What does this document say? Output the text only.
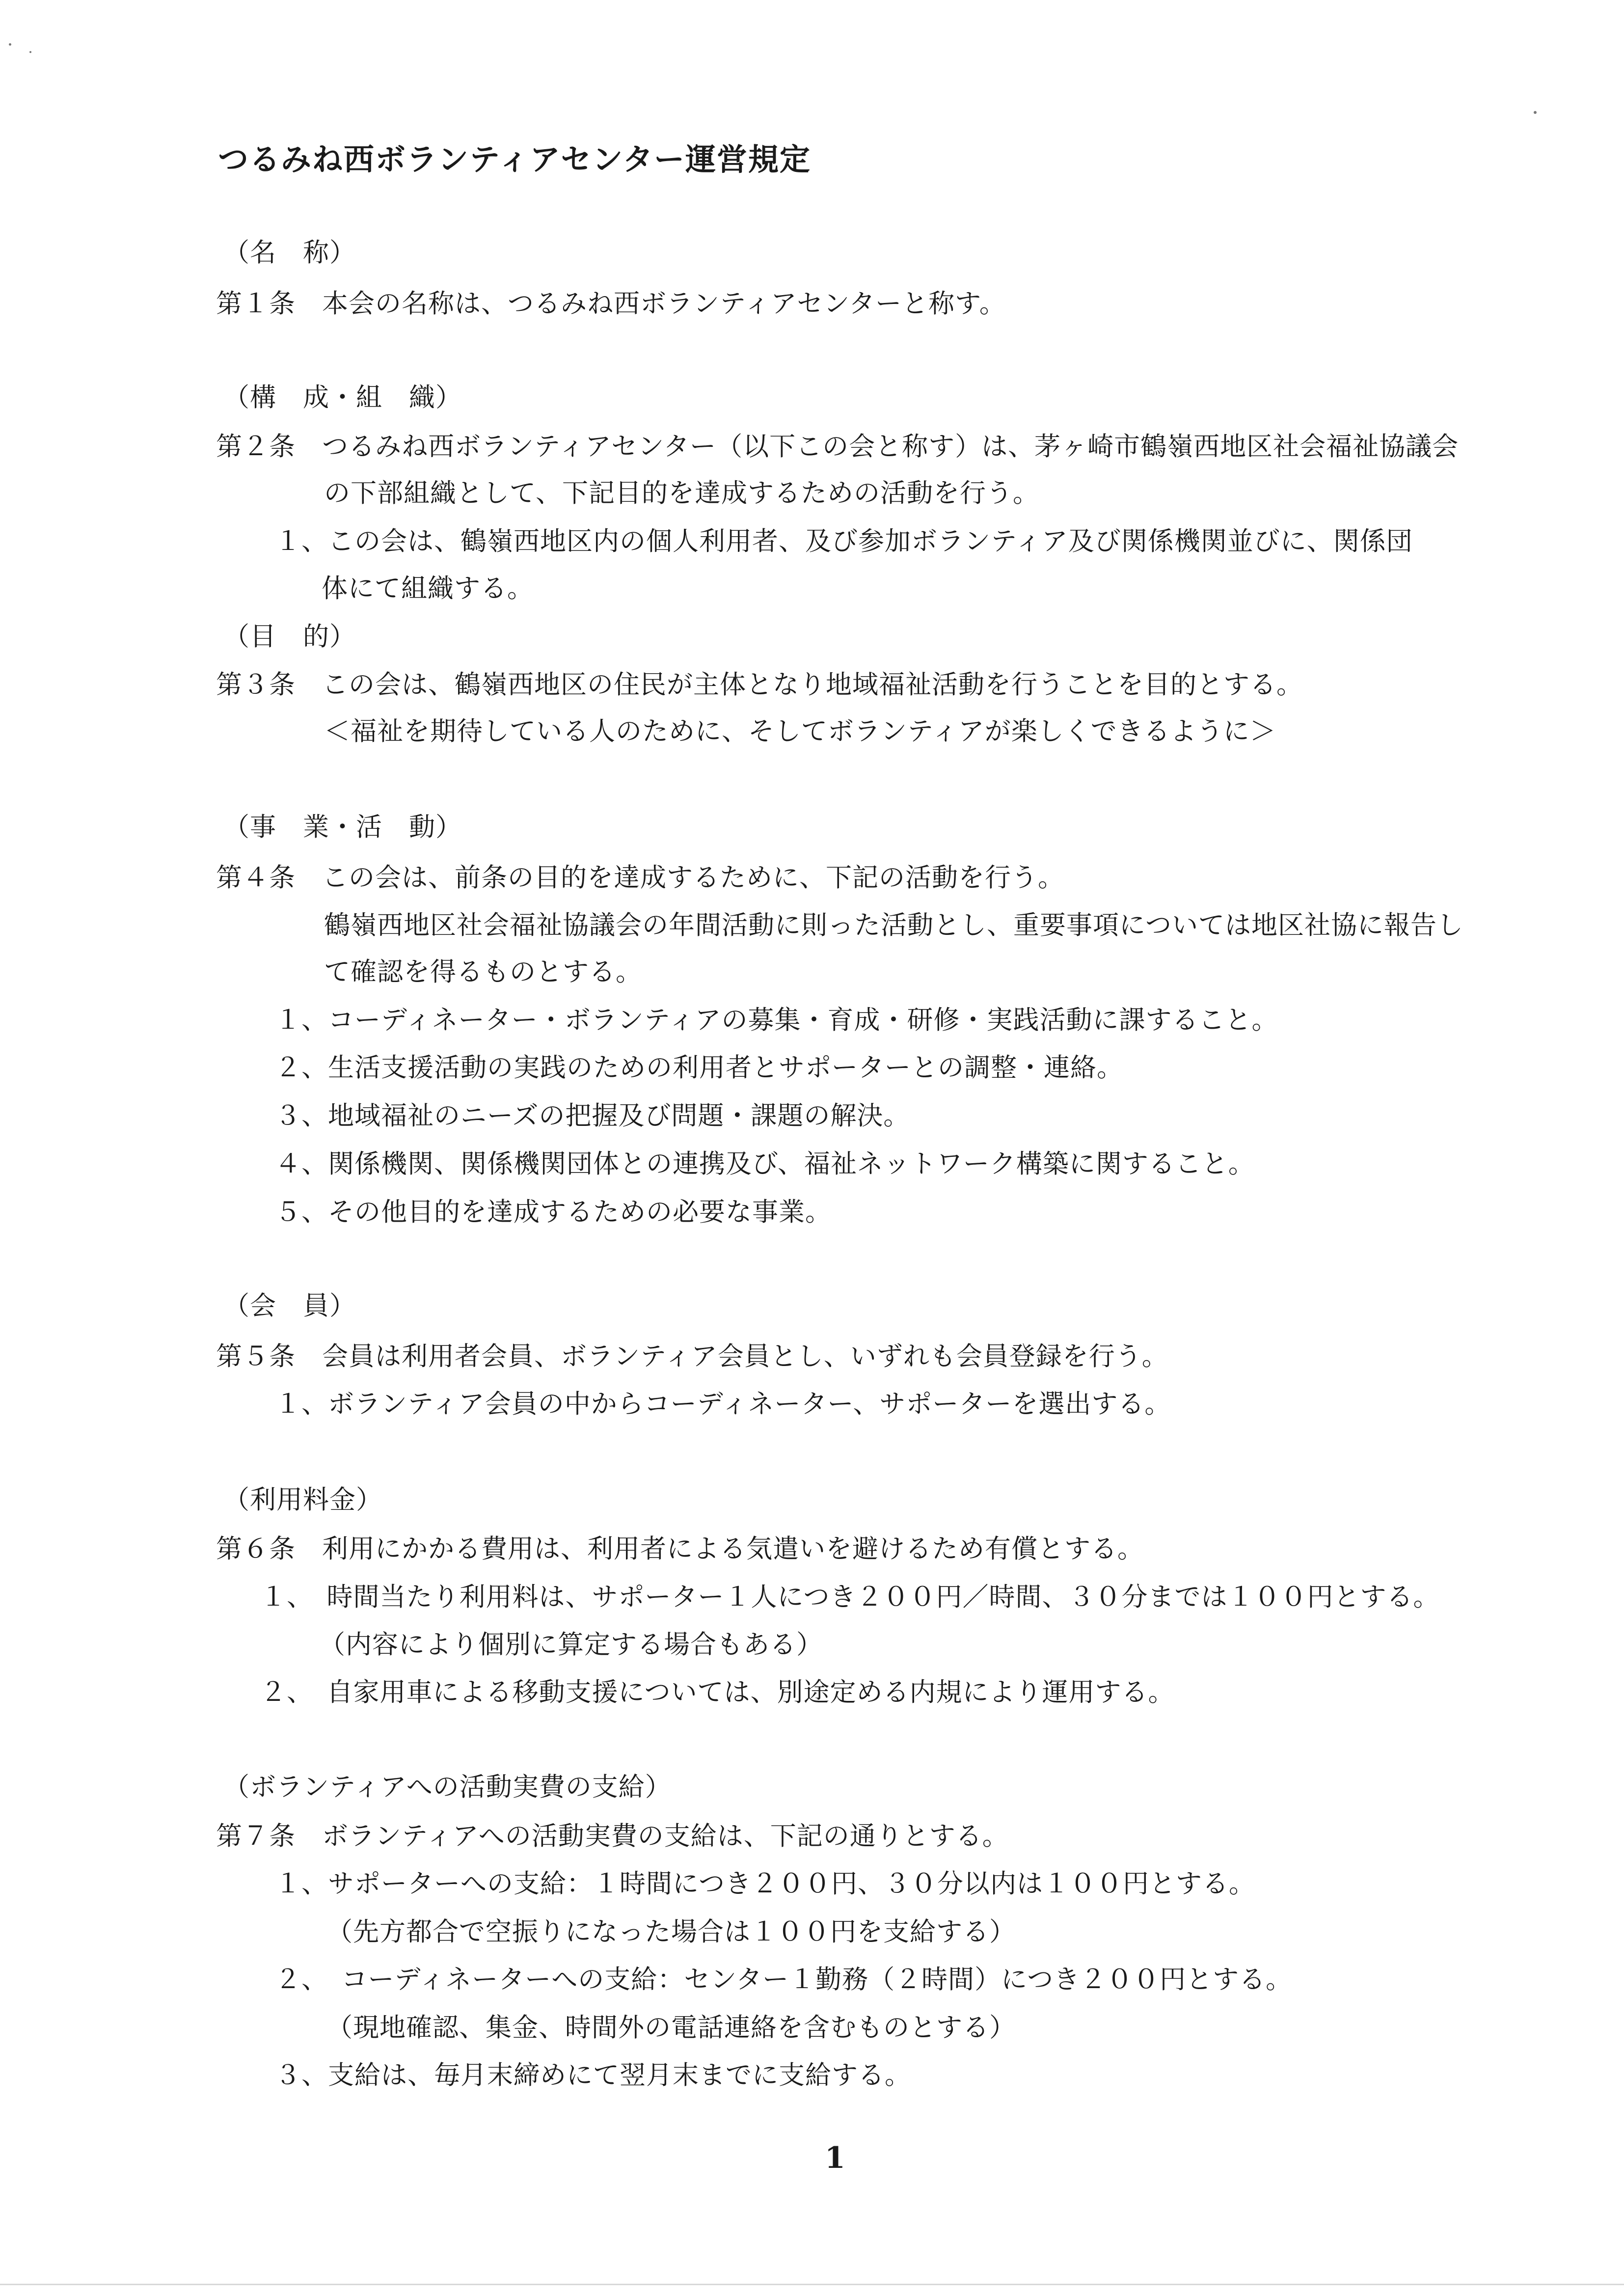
つるみね西ボランティアセンター運営規定
（名　称）
第１条　本会の名称は、つるみね西ボランティアセンターと称す。
（構　成・組　織）
第２条　つるみね西ボランティアセンター（以下この会と称す）は、茅ヶ崎市鶴嶺西地区社会福祉協議会
の下部組織として、下記目的を達成するための活動を行う。
１、この会は、鶴嶺西地区内の個人利用者、及び参加ボランティア及び関係機関並びに、関係団
体にて組織する。
（目　的）
第３条　この会は、鶴嶺西地区の住民が主体となり地域福祉活動を行うことを目的とする。
＜福祉を期待している人のために、そしてボランティアが楽しくできるように＞
（事　業・活　動）
第４条　この会は、前条の目的を達成するために、下記の活動を行う。
鶴嶺西地区社会福祉協議会の年間活動に則った活動とし、重要事項については地区社協に報告し
て確認を得るものとする。
１、コーディネーター・ボランティアの募集・育成・研修・実践活動に課すること。
２、生活支援活動の実践のための利用者とサポーターとの調整・連絡。
３、地域福祉のニーズの把握及び問題・課題の解決。
４、関係機関、関係機関団体との連携及び、福祉ネットワーク構築に関すること。
５、その他目的を達成するための必要な事業。
（会　員）
第５条　会員は利用者会員、ボランティア会員とし、いずれも会員登録を行う。
１、ボランティア会員の中からコーディネーター、サポーターを選出する。
（利用料金）
第６条　利用にかかる費用は、利用者による気遣いを避けるため有償とする。
１、　時間当たり利用料は、サポーター１人につき２００円／時間、３０分までは１００円とする。
（内容により個別に算定する場合もある）
２、　自家用車による移動支援については、別途定める内規により運用する。
（ボランティアへの活動実費の支給）
第７条　ボランティアへの活動実費の支給は、下記の通りとする。
１、サポーターへの支給：１時間につき２００円、３０分以内は１００円とする。
（先方都合で空振りになった場合は１００円を支給する）
２、　コーディネーターへの支給：センター１勤務（２時間）につき２００円とする。
（現地確認、集金、時間外の電話連絡を含むものとする）
３、支給は、毎月末締めにて翌月末までに支給する。
1
